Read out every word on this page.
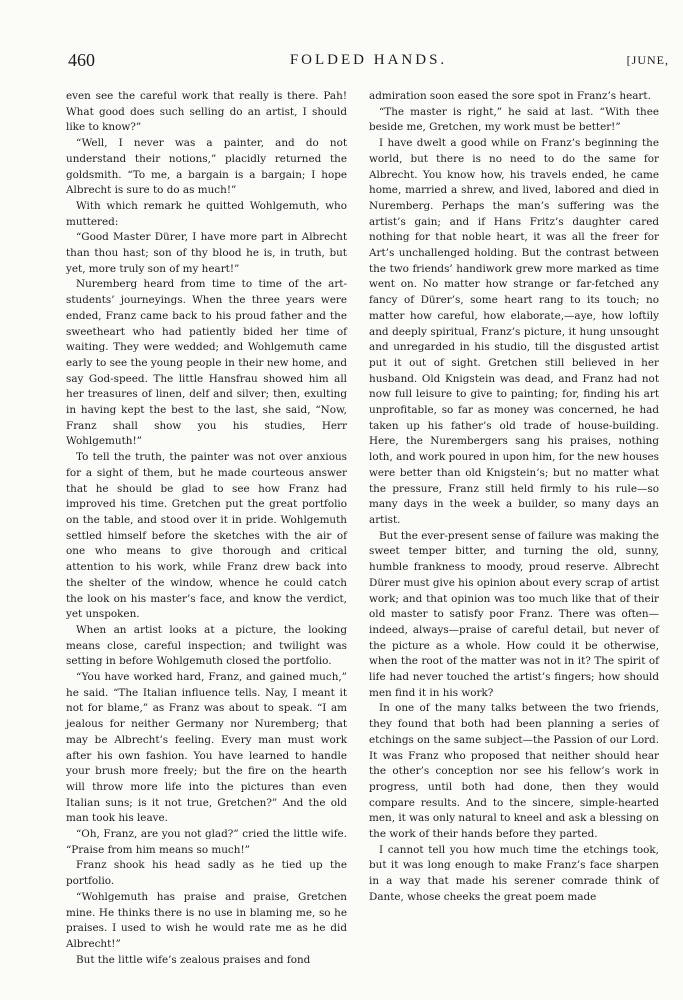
460	FOLDED HANDS.	[JUNE,

even see the careful work that really is there. Pah! What good does such selling do an artist, I should like to know?”

“Well, I never was a painter, and do not understand their notions,” placidly returned the goldsmith. “To me, a bargain is a bargain; I hope Albrecht is sure to do as much!”

With which remark he quitted Wohlgemuth, who muttered:

“Good Master Dürer, I have more part in Albrecht than thou hast; son of thy blood he is, in truth, but yet, more truly son of my heart!”

Nuremberg heard from time to time of the art-students’ journeyings. When the three years were ended, Franz came back to his proud father and the sweetheart who had patiently bided her time of waiting. They were wedded; and Wohlgemuth came early to see the young people in their new home, and say God-speed. The little Hansfrau showed him all her treasures of linen, delf and silver; then, exulting in having kept the best to the last, she said, “Now, Franz shall show you his studies, Herr Wohlgemuth!”

To tell the truth, the painter was not over anxious for a sight of them, but he made courteous answer that he should be glad to see how Franz had improved his time. Gretchen put the great portfolio on the table, and stood over it in pride. Wohlgemuth settled himself before the sketches with the air of one who means to give thorough and critical attention to his work, while Franz drew back into the shelter of the window, whence he could catch the look on his master’s face, and know the verdict, yet unspoken.

When an artist looks at a picture, the looking means close, careful inspection; and twilight was setting in before Wohlgemuth closed the portfolio.

“You have worked hard, Franz, and gained much,” he said. “The Italian influence tells. Nay, I meant it not for blame,” as Franz was about to speak. “I am jealous for neither Germany nor Nuremberg; that may be Albrecht’s feeling. Every man must work after his own fashion. You have learned to handle your brush more freely; but the fire on the hearth will throw more life into the pictures than even Italian suns; is it not true, Gretchen?” And the old man took his leave.

“Oh, Franz, are you not glad?” cried the little wife. “Praise from him means so much!”

Franz shook his head sadly as he tied up the portfolio.

“Wohlgemuth has praise and praise, Gretchen mine. He thinks there is no use in blaming me, so he praises. I used to wish he would rate me as he did Albrecht!”

But the little wife’s zealous praises and fond

admiration soon eased the sore spot in Franz’s heart.

“The master is right,” he said at last. “With thee beside me, Gretchen, my work must be better!”

I have dwelt a good while on Franz’s beginning the world, but there is no need to do the same for Albrecht. You know how, his travels ended, he came home, married a shrew, and lived, labored and died in Nuremberg. Perhaps the man’s suffering was the artist’s gain; and if Hans Fritz’s daughter cared nothing for that noble heart, it was all the freer for Art’s unchallenged holding. But the contrast between the two friends’ handiwork grew more marked as time went on. No matter how strange or far-fetched any fancy of Dürer’s, some heart rang to its touch; no matter how careful, how elaborate,—aye, how loftily and deeply spiritual, Franz’s picture, it hung unsought and unregarded in his studio, till the disgusted artist put it out of sight. Gretchen still believed in her husband. Old Knigstein was dead, and Franz had not now full leisure to give to painting; for, finding his art unprofitable, so far as money was concerned, he had taken up his father’s old trade of house-building. Here, the Nurembergers sang his praises, nothing loth, and work poured in upon him, for the new houses were better than old Knigstein’s; but no matter what the pressure, Franz still held firmly to his rule—so many days in the week a builder, so many days an artist.

But the ever-present sense of failure was making the sweet temper bitter, and turning the old, sunny, humble frankness to moody, proud reserve. Albrecht Dürer must give his opinion about every scrap of artist work; and that opinion was too much like that of their old master to satisfy poor Franz. There was often—indeed, always—praise of careful detail, but never of the picture as a whole. How could it be otherwise, when the root of the matter was not in it? The spirit of life had never touched the artist’s fingers; how should men find it in his work?

In one of the many talks between the two friends, they found that both had been planning a series of etchings on the same subject—the Passion of our Lord. It was Franz who proposed that neither should hear the other’s conception nor see his fellow’s work in progress, until both had done, then they would compare results. And to the sincere, simple-hearted men, it was only natural to kneel and ask a blessing on the work of their hands before they parted.

I cannot tell you how much time the etchings took, but it was long enough to make Franz’s face sharpen in a way that made his serener comrade think of Dante, whose cheeks the great poem made
